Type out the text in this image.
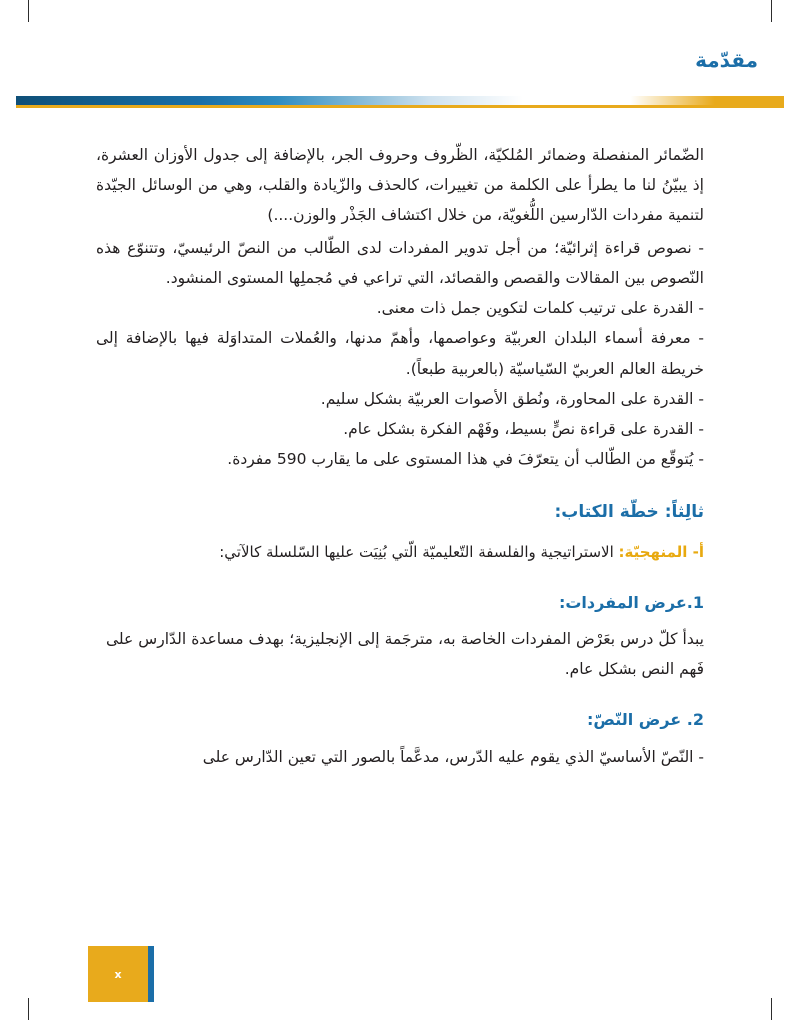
مقدّمة

الضّمائر المنفصلة وضمائر المُلكيّة، الظّروف وحروف الجر، بالإضافة إلى جدول الأوزان العشرة، إذ يبيّنُ لنا ما يطرأ على الكلمة من تغييرات، كالحذف والزّيادة والقلب، وهي من الوسائل الجيّدة لتنمية مفردات الدّارسين اللُّغويّة، من خلال اكتشاف الجَذْر والوزن....)

- نصوص قراءة إثرائيّة؛ من أجل تدوير المفردات لدى الطّالب من النصّ الرئيسيّ، وتتنوّع هذه النّصوص بين المقالات والقصص والقصائد، التي تراعي في مُجملِها المستوى المنشود.

- القدرة على ترتيب كلمات لتكوين جمل ذات معنى.

- معرفة أسماء البلدان العربيّة وعواصمها، وأهمّ مدنها، والعُملات المتداوَلة فيها بالإضافة إلى خريطة العالم العربيّ السّياسيّة (بالعربية طبعاً).

- القدرة على المحاورة، ونُطق الأصوات العربيّة بشكل سليم.

- القدرة على قراءة نصٍّ بسيط، وفَهْم الفكرة بشكل عام.

- يُتوقّع من الطّالب أن يتعرّفَ في هذا المستوى على ما يقارب 590 مفردة.

ثالِثاً: خطّة الكتاب:

أ- المنهجيّة: الاستراتيجية والفلسفة التّعليميّة الّتي بُنِيَت عليها السّلسلة كالآتي:

1.عرض المفردات:

يبدأ كلّ درس بعَرْض المفردات الخاصة به، مترجَمة إلى الإنجليزية؛ بهدف مساعدة الدّارس على فَهم النص بشكل عام.

2. عرض النّصّ:

- النّصّ الأساسيّ الذي يقوم عليه الدّرس، مدعَّماً بالصور التي تعين الدّارس على

x
